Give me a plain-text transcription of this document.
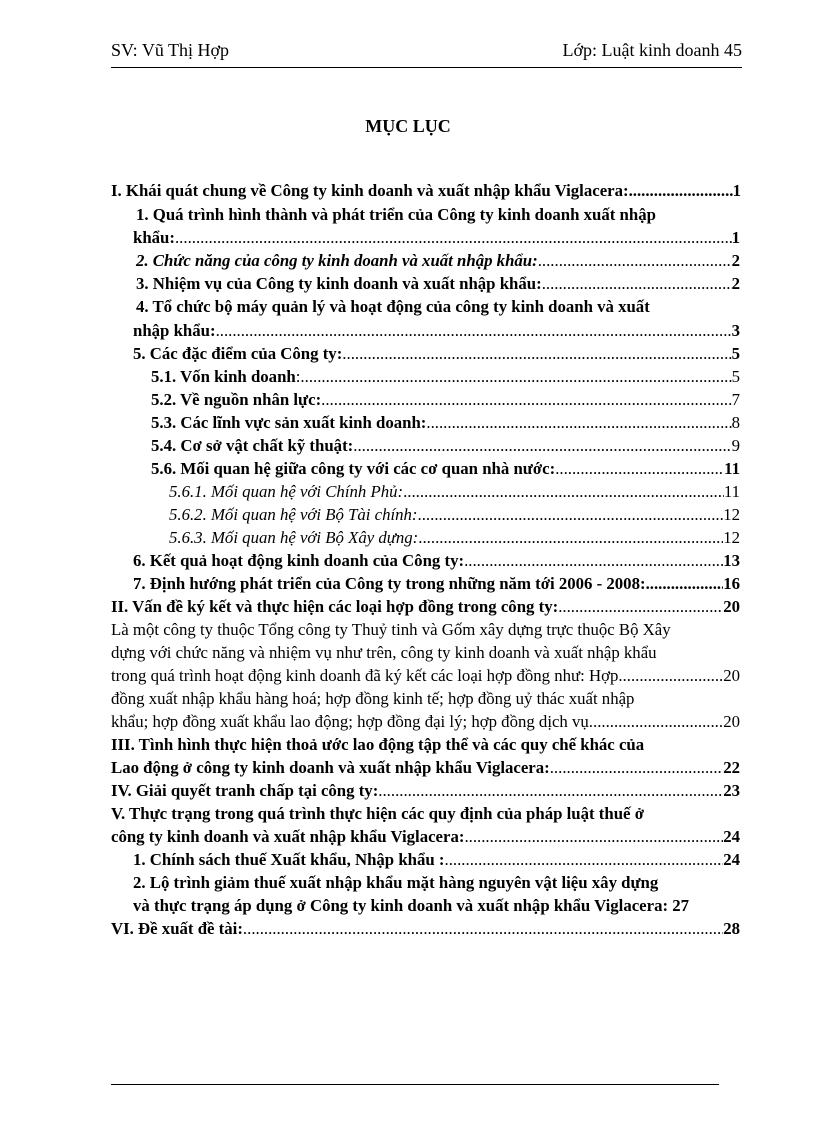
SV: Vũ Thị Hợp	Lớp: Luật kinh doanh 45
MỤC LỤC
I. Khái quát chung về Công ty kinh doanh và xuất nhập khẩu Viglacera: .....	1
1. Quá trình hình thành và phát triển của Công ty kinh doanh xuất nhập
khẩu: .....	1
2. Chức năng của công ty kinh doanh và xuất nhập khẩu: .....	2
3. Nhiệm vụ của Công ty kinh doanh và xuất nhập khẩu: .....	2
4. Tổ chức bộ máy quản lý và hoạt động của công ty kinh doanh và xuất
nhập khẩu: .....	3
5. Các đặc điểm của Công ty: .....	5
5.1. Vốn kinh doanh : .....	5
5.2. Về nguồn nhân lực: .....	7
5.3. Các lĩnh vực sản xuất kinh doanh: .....	8
5.4. Cơ sở vật chất kỹ thuật: .....	9
5.6. Mối quan hệ giữa công ty với các cơ quan nhà nước: .....	11
5.6.1. Mối quan hệ với Chính Phủ: .....	11
5.6.2. Mối quan hệ với Bộ Tài chính: .....	12
5.6.3. Mối quan hệ với Bộ Xây dựng: .....	12
6. Kết quả hoạt động kinh doanh của Công ty: .....	13
7. Định hướng phát triển của Công ty trong những năm tới 2006 - 2008: .....	16
II. Vấn đề ký kết và thực hiện các loại hợp đồng trong công ty: .....	20
Là một công ty thuộc Tổng công ty Thuỷ tinh và Gốm xây dựng trực thuộc Bộ Xây
dựng với chức năng và nhiệm vụ như trên, công ty kinh doanh và xuất nhập khẩu
trong quá trình hoạt động kinh doanh đã ký kết các loại hợp đồng như: Hợp .....	20
đồng xuất nhập khẩu hàng hoá; hợp đồng kinh tế; hợp đồng uỷ thác xuất nhập
khẩu; hợp đồng xuất khẩu lao động; hợp đồng đại lý; hợp đồng dịch vụ. .....	20
III. Tình hình thực hiện thoả ước lao động tập thể và các quy chế khác của
Lao động ở công ty kinh doanh và xuất nhập khẩu Viglacera: .....	22
IV. Giải quyết tranh chấp tại công ty: .....	23
V. Thực trạng trong quá trình thực hiện các quy định của pháp luật thuế ở
công ty kinh doanh và xuất nhập khẩu Viglacera: .....	24
1. Chính sách thuế Xuất khẩu, Nhập khẩu : .....	24
2. Lộ trình giảm thuế xuất nhập khẩu mặt hàng nguyên vật liệu xây dựng
và thực trạng áp dụng ở Công ty kinh doanh và xuất nhập khẩu Viglacera: 27
VI. Đề xuất đề tài: .....	28
